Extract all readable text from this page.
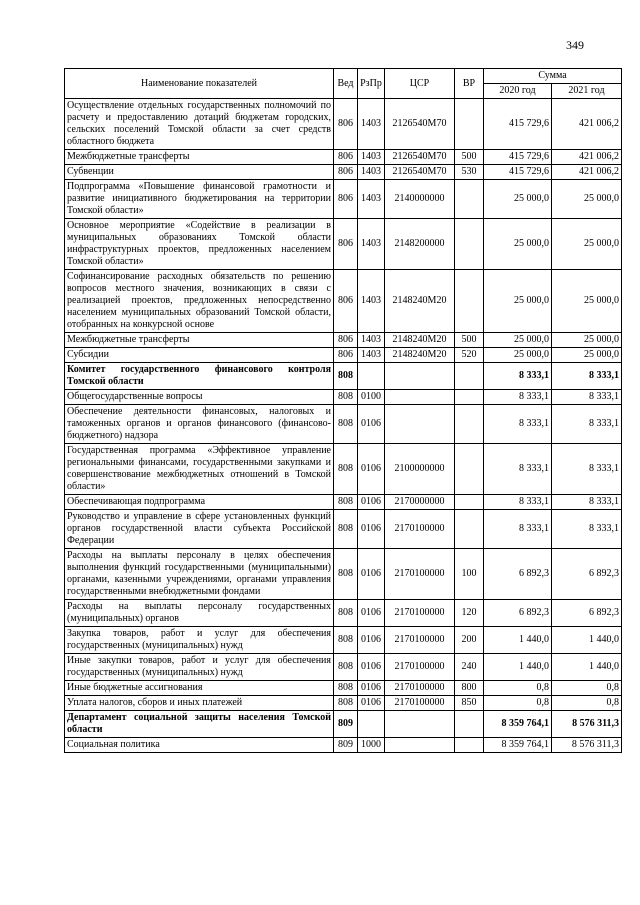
349
Наименование показателей	Вед	РзПр	ЦСР	ВР	Сумма	
					2020 год	2021 год
Осуществление отдельных государственных полномочий по расчету и предоставлению дотаций бюджетам городских, сельских поселений Томской области за счет средств областного бюджета	806	1403	2126540M70		415 729,6	421 006,2
Межбюджетные трансферты	806	1403	2126540M70	500	415 729,6	421 006,2
Субвенции	806	1403	2126540M70	530	415 729,6	421 006,2
Подпрограмма «Повышение финансовой грамотности и развитие инициативного бюджетирования на территории Томской области»	806	1403	2140000000		25 000,0	25 000,0
Основное мероприятие «Содействие в реализации в муниципальных образованиях Томской области инфраструктурных проектов, предложенных населением Томской области»	806	1403	2148200000		25 000,0	25 000,0
Софинансирование расходных обязательств по решению вопросов местного значения, возникающих в связи с реализацией проектов, предложенных непосредственно населением муниципальных образований Томской области, отобранных на конкурсной основе	806	1403	2148240M20		25 000,0	25 000,0
Межбюджетные трансферты	806	1403	2148240M20	500	25 000,0	25 000,0
Субсидии	806	1403	2148240M20	520	25 000,0	25 000,0
Комитет государственного финансового контроля Томской области	808				8 333,1	8 333,1
Общегосударственные вопросы	808	0100			8 333,1	8 333,1
Обеспечение деятельности финансовых, налоговых и таможенных органов и органов финансового (финансово-бюджетного) надзора	808	0106			8 333,1	8 333,1
Государственная программа «Эффективное управление региональными финансами, государственными закупками и совершенствование межбюджетных отношений в Томской области»	808	0106	2100000000		8 333,1	8 333,1
Обеспечивающая подпрограмма	808	0106	2170000000		8 333,1	8 333,1
Руководство и управление в сфере установленных функций органов государственной власти субъекта Российской Федерации	808	0106	2170100000		8 333,1	8 333,1
Расходы на выплаты персоналу в целях обеспечения выполнения функций государственными (муниципальными) органами, казенными учреждениями, органами управления государственными внебюджетными фондами	808	0106	2170100000	100	6 892,3	6 892,3
Расходы на выплаты персоналу государственных (муниципальных) органов	808	0106	2170100000	120	6 892,3	6 892,3
Закупка товаров, работ и услуг для обеспечения государственных (муниципальных) нужд	808	0106	2170100000	200	1 440,0	1 440,0
Иные закупки товаров, работ и услуг для обеспечения государственных (муниципальных) нужд	808	0106	2170100000	240	1 440,0	1 440,0
Иные бюджетные ассигнования	808	0106	2170100000	800	0,8	0,8
Уплата налогов, сборов и иных платежей	808	0106	2170100000	850	0,8	0,8
Департамент социальной защиты населения Томской области	809				8 359 764,1	8 576 311,3
Социальная политика	809	1000			8 359 764,1	8 576 311,3
